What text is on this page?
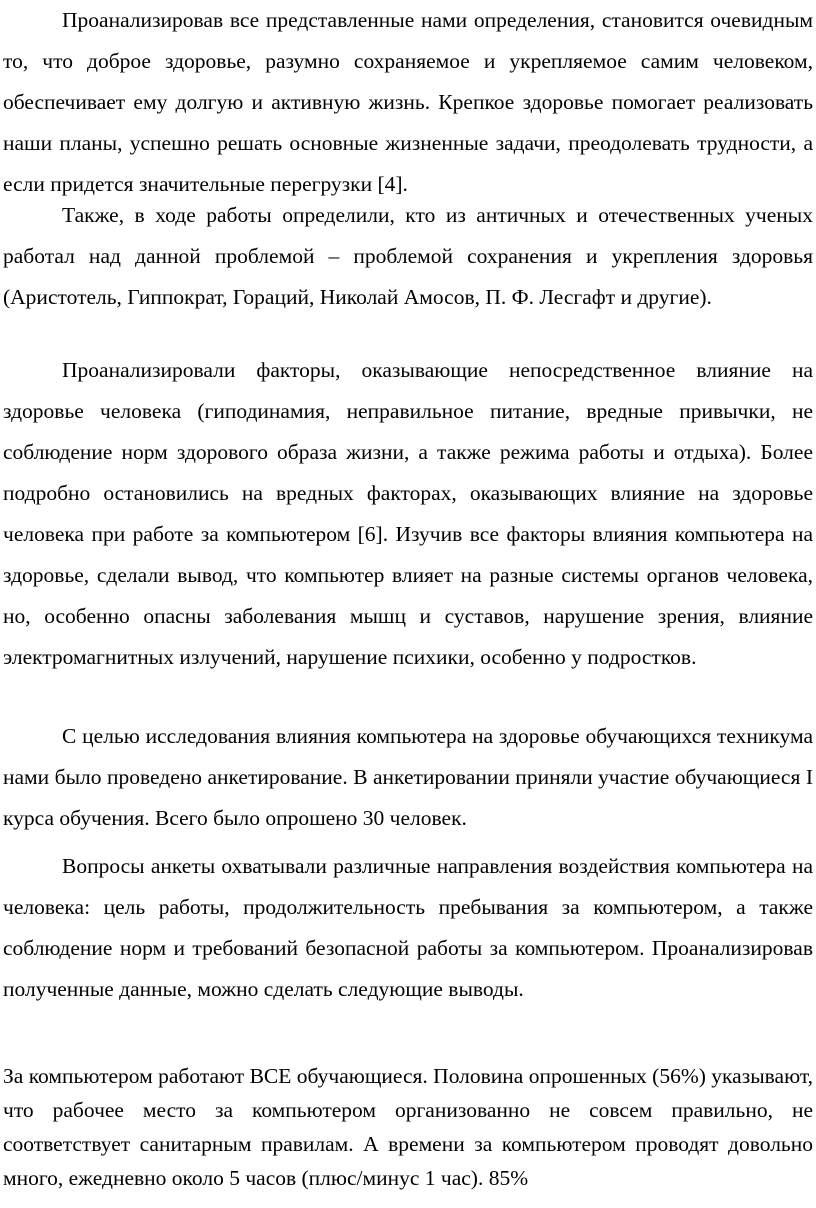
Проанализировав все представленные нами определения, становится очевидным то, что доброе здоровье, разумно сохраняемое и укрепляемое самим человеком, обеспечивает ему долгую и активную жизнь. Крепкое здоровье помогает реализовать наши планы, успешно решать основные жизненные задачи, преодолевать трудности, а если придется значительные перегрузки [4].

Также, в ходе работы определили, кто из античных и отечественных ученых работал над данной проблемой – проблемой сохранения и укрепления здоровья (Аристотель, Гиппократ, Гораций, Николай Амосов, П. Ф. Лесгафт и другие).

Проанализировали факторы, оказывающие непосредственное влияние на здоровье человека (гиподинамия, неправильное питание, вредные привычки, не соблюдение норм здорового образа жизни, а также режима работы и отдыха). Более подробно остановились на вредных факторах, оказывающих влияние на здоровье человека при работе за компьютером [6]. Изучив все факторы влияния компьютера на здоровье, сделали вывод, что компьютер влияет на разные системы органов человека, но, особенно опасны заболевания мышц и суставов, нарушение зрения, влияние электромагнитных излучений, нарушение психики, особенно у подростков.

С целью исследования влияния компьютера на здоровье обучающихся техникума нами было проведено анкетирование. В анкетировании приняли участие обучающиеся I курса обучения. Всего было опрошено 30 человек.

Вопросы анкеты охватывали различные направления воздействия компьютера на человека: цель работы, продолжительность пребывания за компьютером, а также соблюдение норм и требований безопасной работы за компьютером. Проанализировав полученные данные, можно сделать следующие выводы.

За компьютером работают ВСЕ обучающиеся. Половина опрошенных (56%) указывают, что рабочее место за компьютером организованно не совсем правильно, не соответствует санитарным правилам. А времени за компьютером проводят довольно много, ежедневно около 5 часов (плюс/минус 1 час). 85%
